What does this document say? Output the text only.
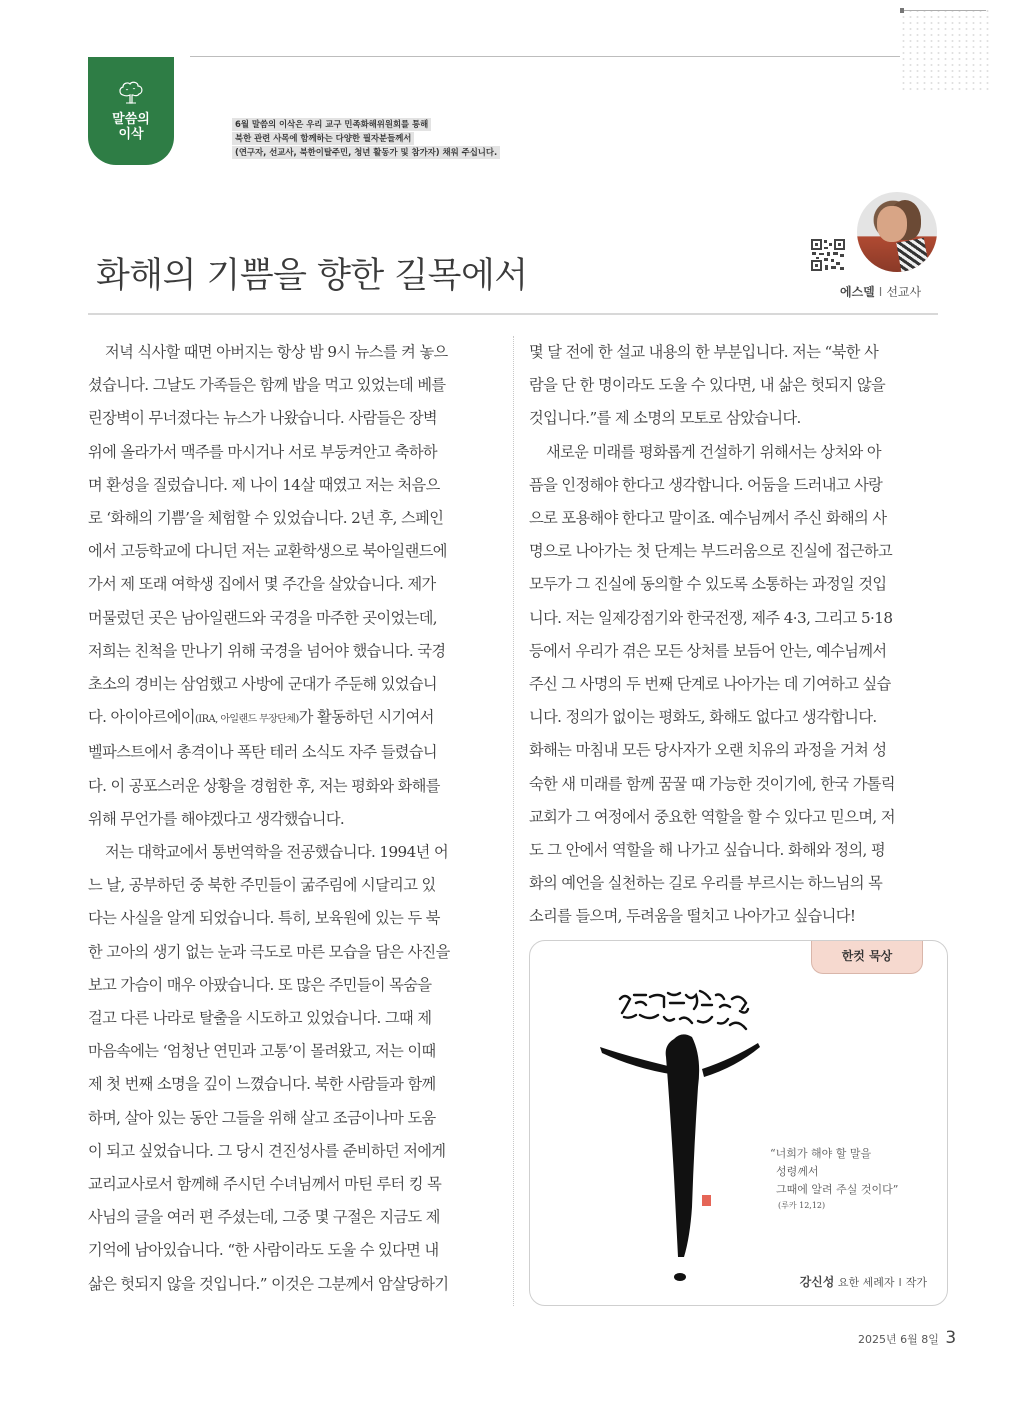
말씀의
이삭
6월 말씀의 이삭은 우리 교구 민족화해위원회를 통해
북한 관련 사목에 함께하는 다양한 필자분들께서
(연구자, 선교사, 북한이탈주민, 청년 활동가 및 참가자) 채워 주십니다.
화해의 기쁨을 향한 길목에서	에스델 I 선교사

저녁 식사할 때면 아버지는 항상 밤 9시 뉴스를 켜 놓으

셨습니다. 그날도 가족들은 함께 밥을 먹고 있었는데 베를

린장벽이 무너졌다는 뉴스가 나왔습니다. 사람들은 장벽

위에 올라가서 맥주를 마시거나 서로 부둥켜안고 축하하

며 환성을 질렀습니다. 제 나이 14살 때였고 저는 처음으

로 ‘화해의 기쁨’을 체험할 수 있었습니다. 2년 후, 스페인

에서 고등학교에 다니던 저는 교환학생으로 북아일랜드에

가서 제 또래 여학생 집에서 몇 주간을 살았습니다. 제가

머물렀던 곳은 남아일랜드와 국경을 마주한 곳이었는데,

저희는 친척을 만나기 위해 국경을 넘어야 했습니다. 국경

초소의 경비는 삼엄했고 사방에 군대가 주둔해 있었습니

다. 아이아르에이(IRA, 아일랜드 무장단체)가 활동하던 시기여서

벨파스트에서 총격이나 폭탄 테러 소식도 자주 들렸습니

다. 이 공포스러운 상황을 경험한 후, 저는 평화와 화해를

위해 무언가를 해야겠다고 생각했습니다.

저는 대학교에서 통번역학을 전공했습니다. 1994년 어

느 날, 공부하던 중 북한 주민들이 굶주림에 시달리고 있

다는 사실을 알게 되었습니다. 특히, 보육원에 있는 두 북

한 고아의 생기 없는 눈과 극도로 마른 모습을 담은 사진을

보고 가슴이 매우 아팠습니다. 또 많은 주민들이 목숨을

걸고 다른 나라로 탈출을 시도하고 있었습니다. 그때 제

마음속에는 ‘엄청난 연민과 고통’이 몰려왔고, 저는 이때

제 첫 번째 소명을 깊이 느꼈습니다. 북한 사람들과 함께

하며, 살아 있는 동안 그들을 위해 살고 조금이나마 도움

이 되고 싶었습니다. 그 당시 견진성사를 준비하던 저에게

교리교사로서 함께해 주시던 수녀님께서 마틴 루터 킹 목

사님의 글을 여러 편 주셨는데, 그중 몇 구절은 지금도 제

기억에 남아있습니다. “한 사람이라도 도울 수 있다면 내

삶은 헛되지 않을 것입니다.” 이것은 그분께서 암살당하기

몇 달 전에 한 설교 내용의 한 부분입니다. 저는 “북한 사

람을 단 한 명이라도 도울 수 있다면, 내 삶은 헛되지 않을

것입니다.”를 제 소명의 모토로 삼았습니다.

새로운 미래를 평화롭게 건설하기 위해서는 상처와 아

픔을 인정해야 한다고 생각합니다. 어둠을 드러내고 사랑

으로 포용해야 한다고 말이죠. 예수님께서 주신 화해의 사

명으로 나아가는 첫 단계는 부드러움으로 진실에 접근하고

모두가 그 진실에 동의할 수 있도록 소통하는 과정일 것입

니다. 저는 일제강점기와 한국전쟁, 제주 4·3, 그리고 5·18

등에서 우리가 겪은 모든 상처를 보듬어 안는, 예수님께서

주신 그 사명의 두 번째 단계로 나아가는 데 기여하고 싶습

니다. 정의가 없이는 평화도, 화해도 없다고 생각합니다.

화해는 마침내 모든 당사자가 오랜 치유의 과정을 거쳐 성

숙한 새 미래를 함께 꿈꿀 때 가능한 것이기에, 한국 가톨릭

교회가 그 여정에서 중요한 역할을 할 수 있다고 믿으며, 저

도 그 안에서 역할을 해 나가고 싶습니다. 화해와 정의, 평

화의 예언을 실천하는 길로 우리를 부르시는 하느님의 목

소리를 들으며, 두려움을 떨치고 나아가고 싶습니다!

한컷 묵상
“너희가 해야 할 말을
성령께서
그때에 알려 주실 것이다”
(루카 12,12)
강신성 요한 세례자 I 작가
2025년 6월 8일 3
